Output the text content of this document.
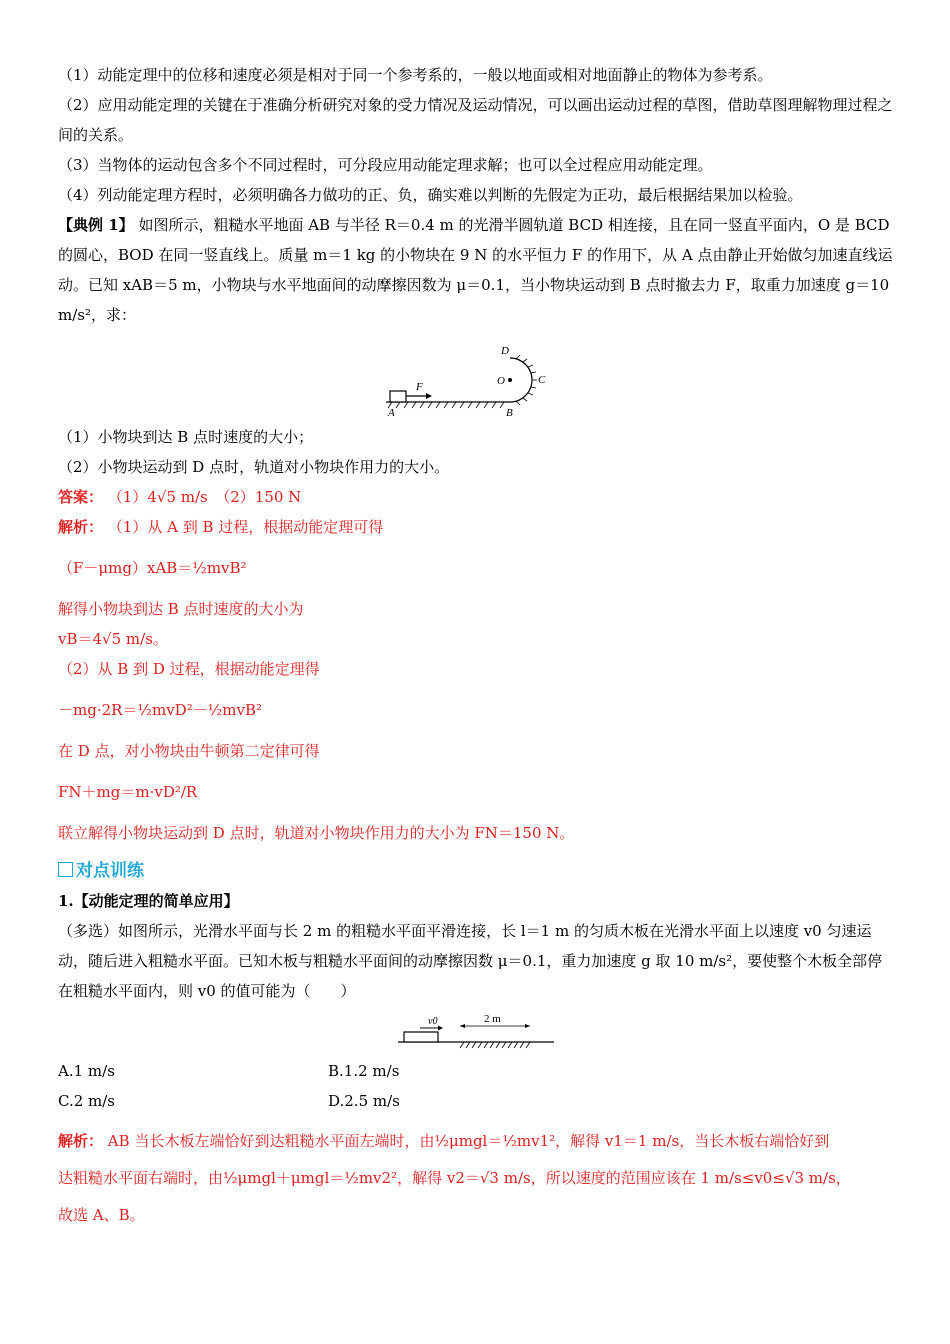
（1）动能定理中的位移和速度必须是相对于同一个参考系的，一般以地面或相对地面静止的物体为参考系。

（2）应用动能定理的关键在于准确分析研究对象的受力情况及运动情况，可以画出运动过程的草图，借助草图理解物理过程之间的关系。

（3）当物体的运动包含多个不同过程时，可分段应用动能定理求解；也可以全过程应用动能定理。

（4）列动能定理方程时，必须明确各力做功的正、负，确实难以判断的先假定为正功，最后根据结果加以检验。

【典例 1】 如图所示，粗糙水平地面 AB 与半径 R＝0.4 m 的光滑半圆轨道 BCD 相连接，且在同一竖直平面内，O 是 BCD 的圆心，BOD 在同一竖直线上。质量 m＝1 kg 的小物块在 9 N 的水平恒力 F 的作用下，从 A 点由静止开始做匀加速直线运动。已知 xAB＝5 m，小物块与水平地面间的动摩擦因数为 μ＝0.1，当小物块运动到 B 点时撤去力 F，取重力加速度 g＝10 m/s²，求：

A	B
C
D
O
F

（1）小物块到达 B 点时速度的大小；

（2）小物块运动到 D 点时，轨道对小物块作用力的大小。

答案： （1）4√5 m/s　（2）150 N

解析： （1）从 A 到 B 过程，根据动能定理可得

（F－μmg）xAB＝½mvB²

解得小物块到达 B 点时速度的大小为

vB＝4√5 m/s。

（2）从 B 到 D 过程，根据动能定理得

－mg·2R＝½mvD²－½mvB²

在 D 点，对小物块由牛顿第二定律可得

FN＋mg＝m·vD²/R

联立解得小物块运动到 D 点时，轨道对小物块作用力的大小为 FN＝150 N。

对点训练

1.【动能定理的简单应用】

（多选）如图所示，光滑水平面与长 2 m 的粗糙水平面平滑连接，长 l＝1 m 的匀质木板在光滑水平面上以速度 v0 匀速运动，随后进入粗糙水平面。已知木板与粗糙水平面间的动摩擦因数 μ＝0.1，重力加速度 g 取 10 m/s²，要使整个木板全部停在粗糙水平面内，则 v0 的值可能为（　　）

v0	2 m
A.1 m/s	B.1.2 m/s
C.2 m/s	D.2.5 m/s

解析： AB 当长木板左端恰好到达粗糙水平面左端时，由½μmgl＝½mv1²，解得 v1＝1 m/s，当长木板右端恰好到

达粗糙水平面右端时，由½μmgl＋μmgl＝½mv2²，解得 v2＝√3 m/s，所以速度的范围应该在 1 m/s≤v0≤√3 m/s，

故选 A、B。
